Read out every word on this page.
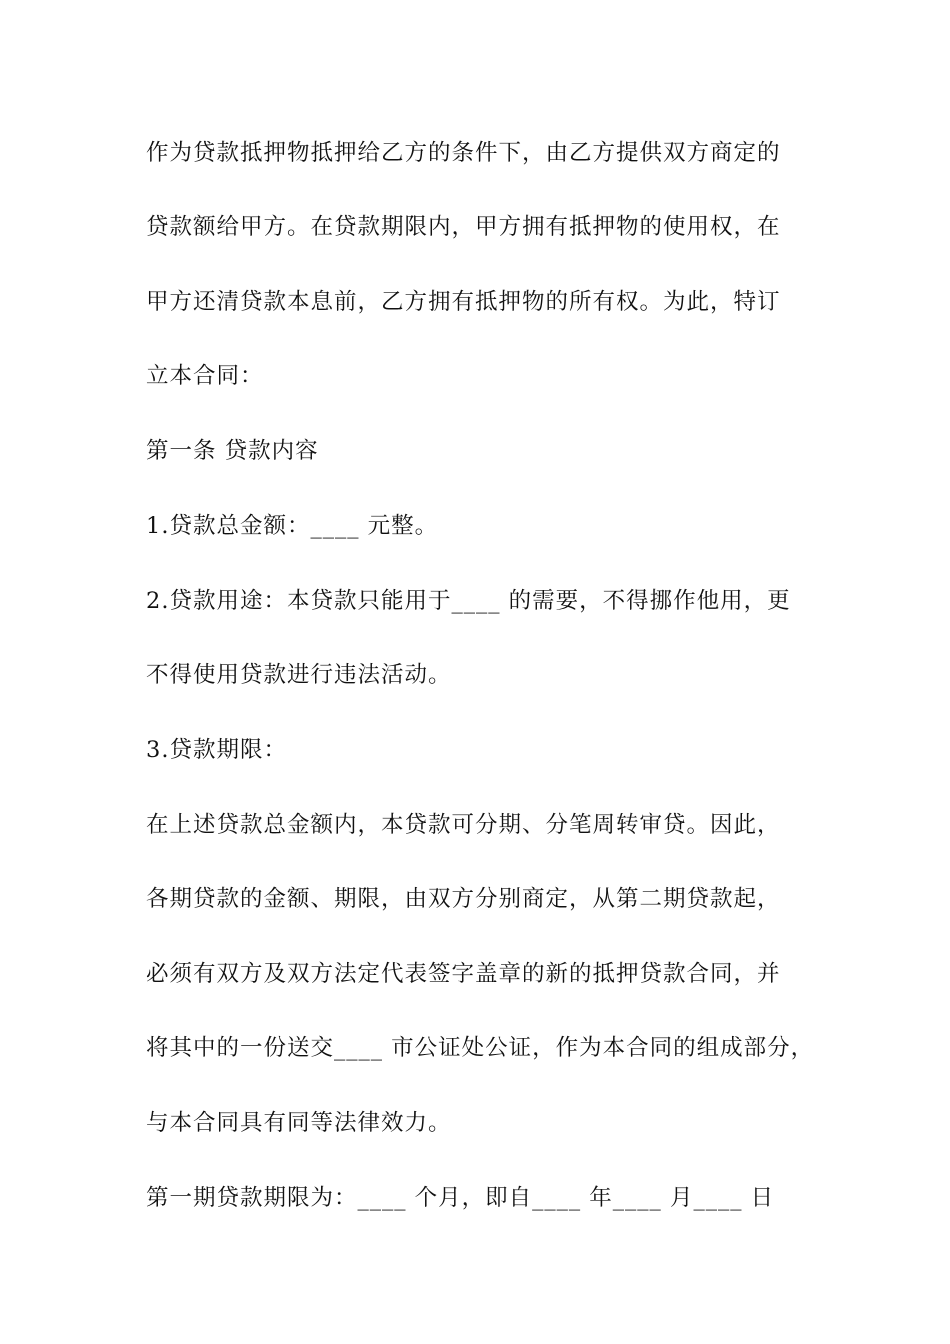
作为贷款抵押物抵押给乙方的条件下，由乙方提供双方商定的
贷款额给甲方。在贷款期限内，甲方拥有抵押物的使用权，在
甲方还清贷款本息前，乙方拥有抵押物的所有权。为此，特订
立本合同：
第一条 贷款内容
1.贷款总金额：____ 元整。
2.贷款用途：本贷款只能用于____ 的需要，不得挪作他用，更
不得使用贷款进行违法活动。
3.贷款期限：
在上述贷款总金额内，本贷款可分期、分笔周转审贷。因此，
各期贷款的金额、期限，由双方分别商定，从第二期贷款起，
必须有双方及双方法定代表签字盖章的新的抵押贷款合同，并
将其中的一份送交____ 市公证处公证，作为本合同的组成部分，
与本合同具有同等法律效力。
第一期贷款期限为：____ 个月，即自____ 年____ 月____ 日
